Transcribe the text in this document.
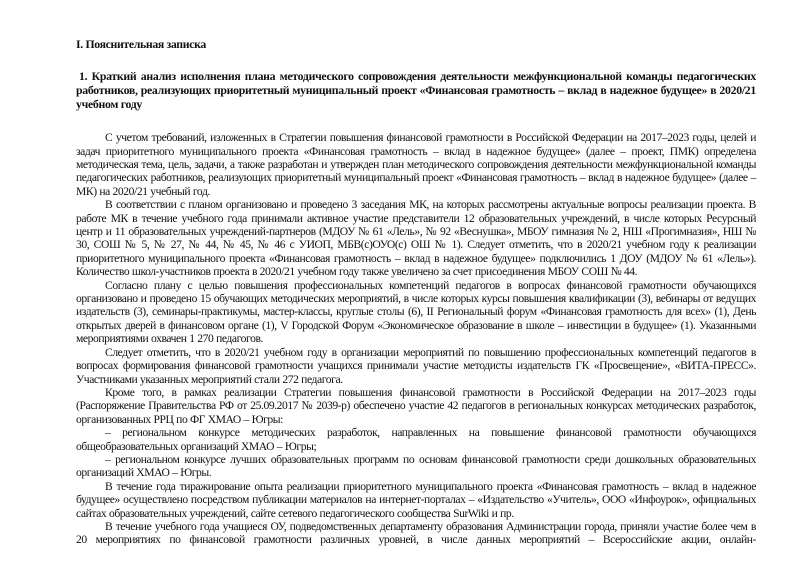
I. Пояснительная записка
1. Краткий анализ исполнения плана методического сопровождения деятельности межфункциональной команды педагогических работников, реализующих приоритетный муниципальный проект «Финансовая грамотность – вклад в надежное будущее» в 2020/21 учебном году

С учетом требований, изложенных в Стратегии повышения финансовой грамотности в Российской Федерации на 2017–2023 годы, целей и задач приоритетного муниципального проекта «Финансовая грамотность – вклад в надежное будущее» (далее – проект, ПМК) определена методическая тема, цель, задачи, а также разработан и утвержден план методического сопровождения деятельности межфункциональной команды педагогических работников, реализующих приоритетный муниципальный проект «Финансовая грамотность – вклад в надежное будущее» (далее – МК) на 2020/21 учебный год.

В соответствии с планом организовано и проведено 3 заседания МК, на которых рассмотрены актуальные вопросы реализации проекта. В работе МК в течение учебного года принимали активное участие представители 12 образовательных учреждений, в числе которых Ресурсный центр и 11 образовательных учреждений-партнеров (МДОУ № 61 «Лель», № 92 «Веснушка», МБОУ гимназия № 2, НШ «Прогимназия», НШ № 30, СОШ № 5, № 27, № 44, № 45, № 46 с УИОП, МБВ(с)ОУО(с) ОШ № 1). Следует отметить, что в 2020/21 учебном году к реализации приоритетного муниципального проекта «Финансовая грамотность – вклад в надежное будущее» подключились 1 ДОУ (МДОУ № 61 «Лель»). Количество школ-участников проекта в 2020/21 учебном году также увеличено за счет присоединения МБОУ СОШ № 44.

Согласно плану с целью повышения профессиональных компетенций педагогов в вопросах финансовой грамотности обучающихся организовано и проведено 15 обучающих методических мероприятий, в числе которых курсы повышения квалификации (3), вебинары от ведущих издательств (3), семинары-практикумы, мастер-классы, круглые столы (6), II Региональный форум «Финансовая грамотность для всех» (1), День открытых дверей в финансовом органе (1), V Городской Форум «Экономическое образование в школе – инвестиции в будущее» (1). Указанными мероприятиями охвачен 1 270 педагогов.

Следует отметить, что в 2020/21 учебном году в организации мероприятий по повышению профессиональных компетенций педагогов в вопросах формирования финансовой грамотности учащихся принимали участие методисты издательств ГК «Просвещение», «ВИТА-ПРЕСС». Участниками указанных мероприятий стали 272 педагога.

Кроме того, в рамках реализации Стратегии повышения финансовой грамотности в Российской Федерации на 2017–2023 годы (Распоряжение Правительства РФ от 25.09.2017 № 2039-р) обеспечено участие 42 педагогов в региональных конкурсах методических разработок, организованных РРЦ по ФГ ХМАО – Югры:

– региональном конкурсе методических разработок, направленных на повышение финансовой грамотности обучающихся общеобразовательных организаций ХМАО – Югры;

– региональном конкурсе лучших образовательных программ по основам финансовой грамотности среди дошкольных образовательных организаций ХМАО – Югры.

В течение года тиражирование опыта реализации приоритетного муниципального проекта «Финансовая грамотность – вклад в надежное будущее» осуществлено посредством публикации материалов на интернет-порталах – «Издательство «Учитель», ООО «Инфоурок», официальных сайтах образовательных учреждений, сайте сетевого педагогического сообщества SurWiki и пр.

В течение учебного года учащиеся ОУ, подведомственных департаменту образования Администрации города, приняли участие более чем в 20 мероприятиях по финансовой грамотности различных уровней, в числе данных мероприятий – Всероссийские акции, онлайн-
